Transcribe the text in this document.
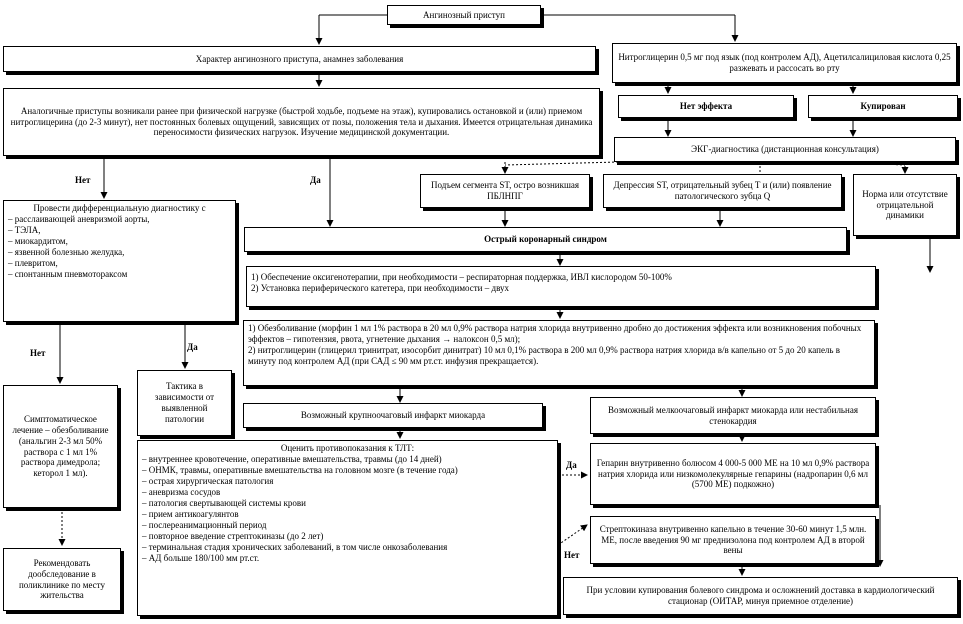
Ангинозный приступ
Характер ангинозного приступа, анамнез заболевания	Нитроглицерин 0,5 мг под язык (под контролем АД), Ацетилсалициловая кислота 0,25 разжевать и рассосать во рту
Нет эффекта	Купирован
Аналогичные приступы возникали ранее при физической нагрузке (быстрой ходьбе, подъеме на этаж), купировались остановкой и (или) приемом нитроглицерина (до 2-3 минут), нет постоянных болевых ощущений, зависящих от позы, положения тела и дыхания. Имеется отрицательная динамика переносимости физических нагрузок. Изучение медицинской документации.
ЭКГ-диагностика (дистанционная консультация)
Подъем сегмента ST, остро возникшая ПБЛНПГ
Депрессия ST, отрицательный зубец Т и (или) появление патологического зубца Q	Норма или отсутствие отрицательной динамики
Острый коронарный синдром
1) Обеспечение оксигенотерапии, при необходимости – респираторная поддержка, ИВЛ кислородом 50-100%
2) Установка периферического катетера, при необходимости – двух
1) Обезболивание (морфин 1 мл 1% раствора в 20 мл 0,9% раствора натрия хлорида внутривенно дробно до достижения эффекта или возникновения побочных эффектов – гипотензия, рвота, угнетение дыхания → налоксон 0,5 мл);
2) нитроглицерин (глицерил тринитрат, изосорбит динитрат) 10 мл 0,1% раствора в 200 мл 0,9% раствора натрия хлорида в/в капельно от 5 до 20 капель в минуту под контролем АД (при САД ≤ 90 мм рт.ст. инфузия прекращается).
Провести дифференциальную диагностику с
– расслаивающей аневризмой аорты,
– ТЭЛА,
– миокардитом,
– язвенной болезнью желудка,
– плевритом,
– спонтанным пневмотораксом
Тактика в зависимости от выявленной патологии
Симптоматическое лечение – обезболивание (анальгин 2-3 мл 50% раствора с 1 мл 1% раствора димедрола; кеторол 1 мл).
Рекомендовать дообследование в поликлинике по месту жительства
Возможный крупноочаговый инфаркт миокарда
Возможный мелкоочаговый инфаркт миокарда или нестабильная стенокардия
Оценить противопоказания к ТЛТ:
– внутреннее кровотечение, оперативные вмешательства, травмы (до 14 дней)
– ОНМК, травмы, оперативные вмешательства на головном мозге (в течение года)
– острая хирургическая патология
– аневризма сосудов
– патология свертывающей системы крови
– прием антикоагулянтов
– послереанимационный период
– повторное введение стрептокиназы (до 2 лет)
– терминальная стадия хронических заболеваний, в том числе онкозаболевания
– АД больше 180/100 мм рт.ст.
Гепарин внутривенно болюсом 4 000-5 000 МЕ на 10 мл 0,9% раствора натрия хлорида или низкомолекулярные гепарины (надропарин 0,6 мл (5700 МЕ) подкожно)
Стрептокиназа внутривенно капельно в течение 30-60 минут 1,5 млн. МЕ, после введения 90 мг преднизолона под контролем АД в второй вены
При условии купирования болевого синдрома и осложнений доставка в кардиологический стационар (ОИТАР, минуя приемное отделение)
Нет	Да
Нет
Да
Да
Нет
